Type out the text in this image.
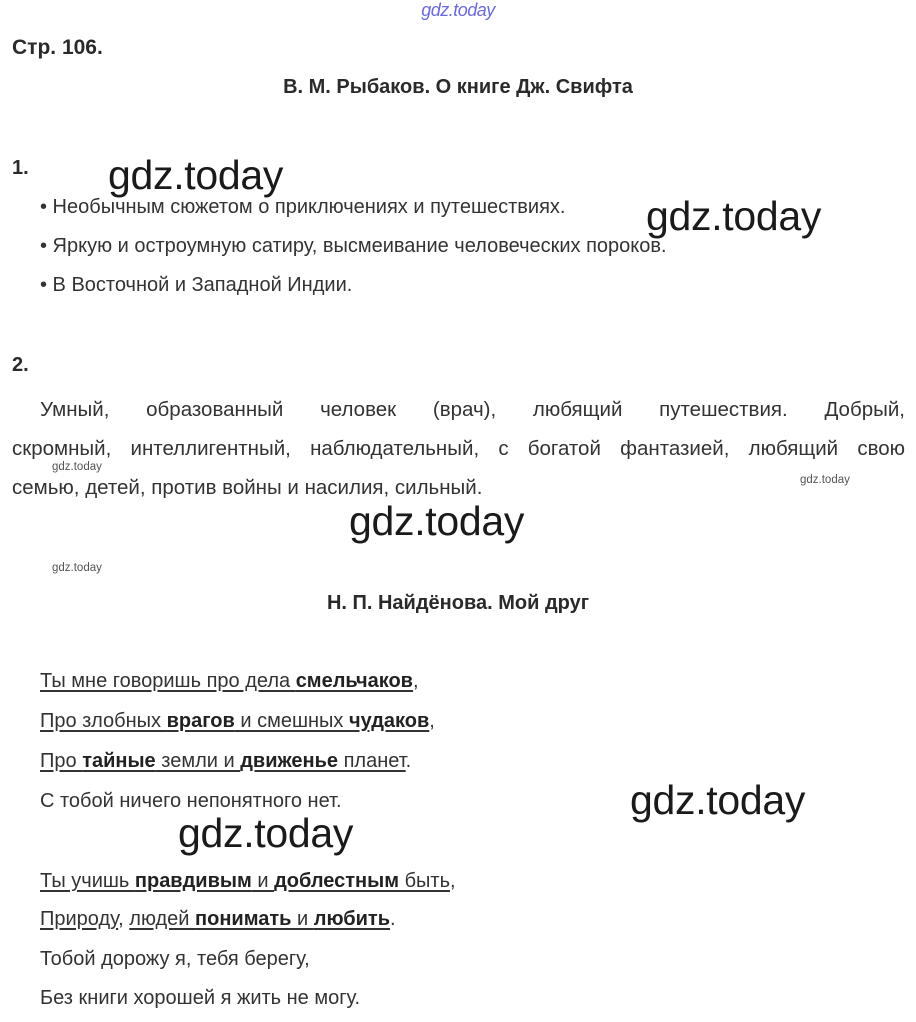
gdz.today
Стр. 106.
В. М. Рыбаков. О книге Дж. Свифта
1.
• Необычным сюжетом о приключениях и путешествиях.
• Яркую и остроумную сатиру, высмеивание человеческих пороков.
• В Восточной и Западной Индии.
2.
Умный, образованный человек (врач), любящий путешествия. Добрый,
скромный, интеллигентный, наблюдательный, с богатой фантазией, любящий свою
семью, детей, против войны и насилия, сильный.
Н. П. Найдёнова. Мой друг
Ты мне говоришь про дела смельчаков,
Про злобных врагов и смешных чудаков,
Про тайные земли и движенье планет.
С тобой ничего непонятного нет.
Ты учишь правдивым и доблестным быть,
Природу, людей понимать и любить.
Тобой дорожу я, тебя берегу,
Без книги хорошей я жить не могу.
gdz.today
gdz.today
gdz.today
gdz.today
gdz.today
gdz.today
gdz.today
gdz.today
